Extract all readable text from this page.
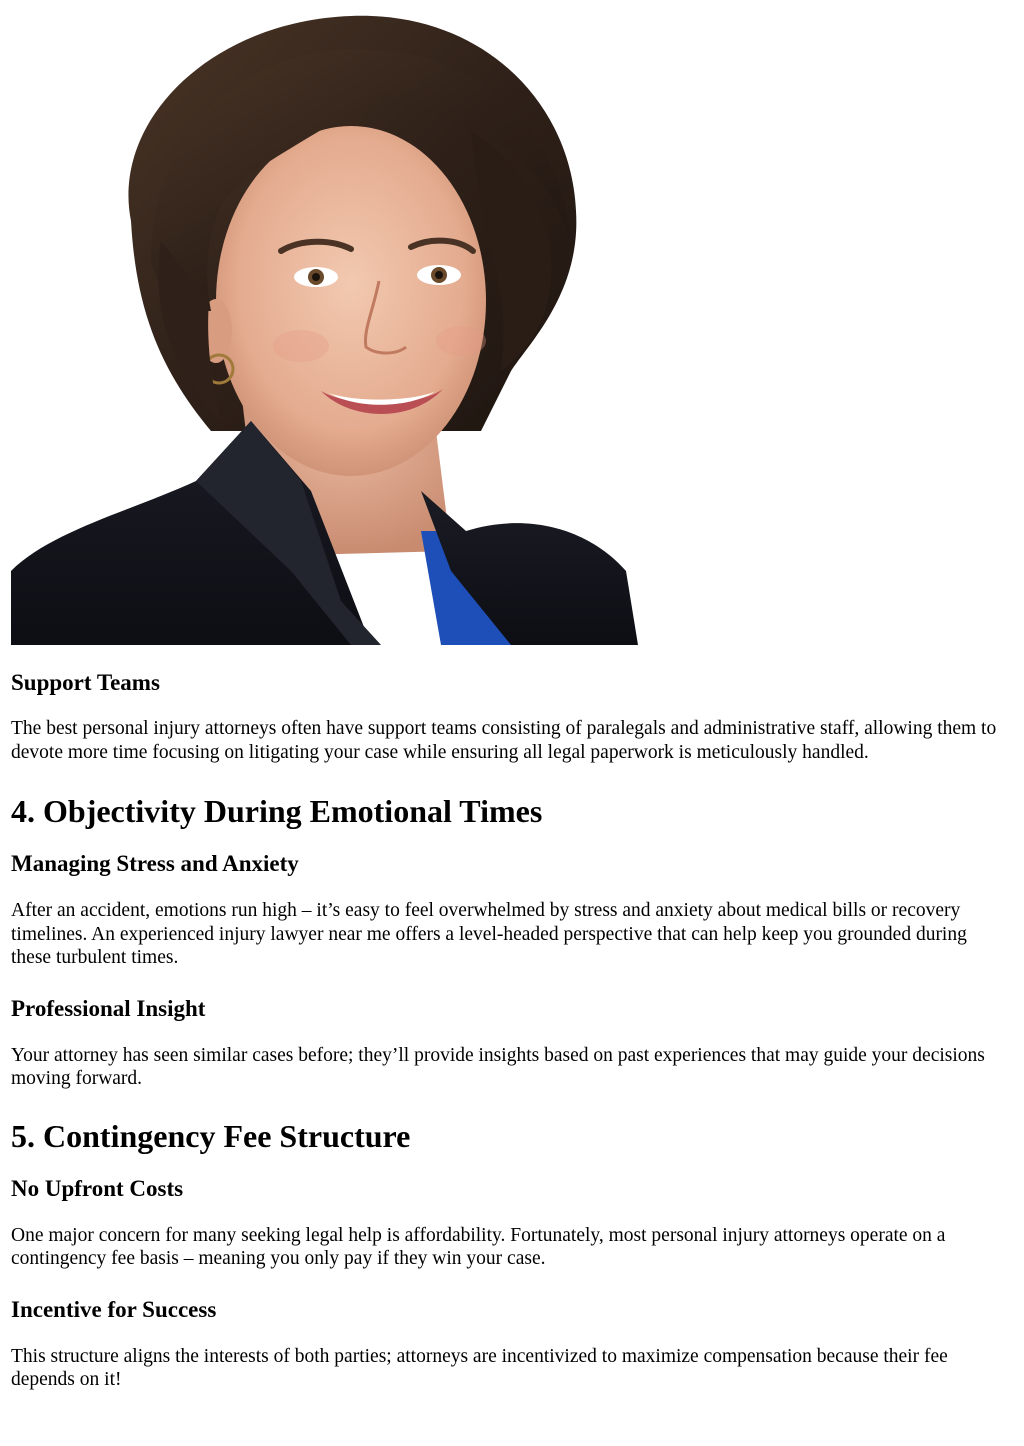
Support Teams

The best personal injury attorneys often have support teams consisting of paralegals and administrative staff, allowing them to devote more time focusing on litigating your case while ensuring all legal paperwork is meticulously handled.

4. Objectivity During Emotional Times
Managing Stress and Anxiety

After an accident, emotions run high – it’s easy to feel overwhelmed by stress and anxiety about medical bills or recovery timelines. An experienced injury lawyer near me offers a level-headed perspective that can help keep you grounded during these turbulent times.

Professional Insight

Your attorney has seen similar cases before; they’ll provide insights based on past experiences that may guide your decisions moving forward.

5. Contingency Fee Structure
No Upfront Costs

One major concern for many seeking legal help is affordability. Fortunately, most personal injury attorneys operate on a contingency fee basis – meaning you only pay if they win your case.

Incentive for Success

This structure aligns the interests of both parties; attorneys are incentivized to maximize compensation because their fee depends on it!
